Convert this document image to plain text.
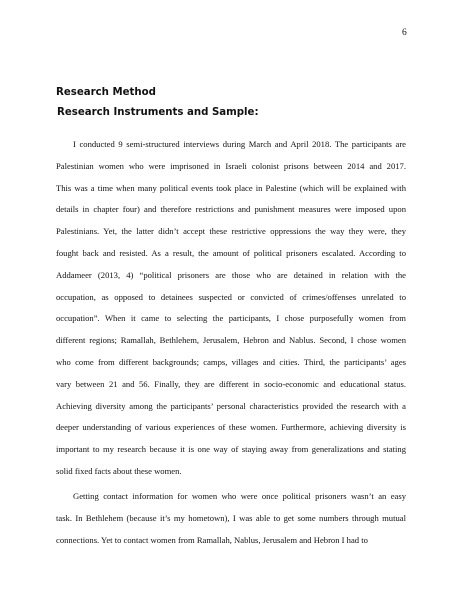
6

Research Method
Research Instruments and Sample:
I conducted 9 semi-structured interviews during March and April 2018. The participants are
Palestinian women who were imprisoned in Israeli colonist prisons between 2014 and 2017.
This was a time when many political events took place in Palestine (which will be explained with
details in chapter four) and therefore restrictions and punishment measures were imposed upon
Palestinians. Yet, the latter didn’t accept these restrictive oppressions the way they were, they
fought back and resisted. As a result, the amount of political prisoners escalated. According to
Addameer (2013, 4) “political prisoners are those who are detained in relation with the
occupation, as opposed to detainees suspected or convicted of crimes/offenses unrelated to
occupation”. When it came to selecting the participants, I chose purposefully women from
different regions; Ramallah, Bethlehem, Jerusalem, Hebron and Nablus. Second, I chose women
who come from different backgrounds; camps, villages and cities. Third, the participants’ ages
vary between 21 and 56. Finally, they are different in socio-economic and educational status.
Achieving diversity among the participants’ personal characteristics provided the research with a
deeper understanding of various experiences of these women. Furthermore, achieving diversity is
important to my research because it is one way of staying away from generalizations and stating
solid fixed facts about these women.
Getting contact information for women who were once political prisoners wasn’t an easy
task. In Bethlehem (because it’s my hometown), I was able to get some numbers through mutual
connections. Yet to contact women from Ramallah, Nablus, Jerusalem and Hebron I had to
